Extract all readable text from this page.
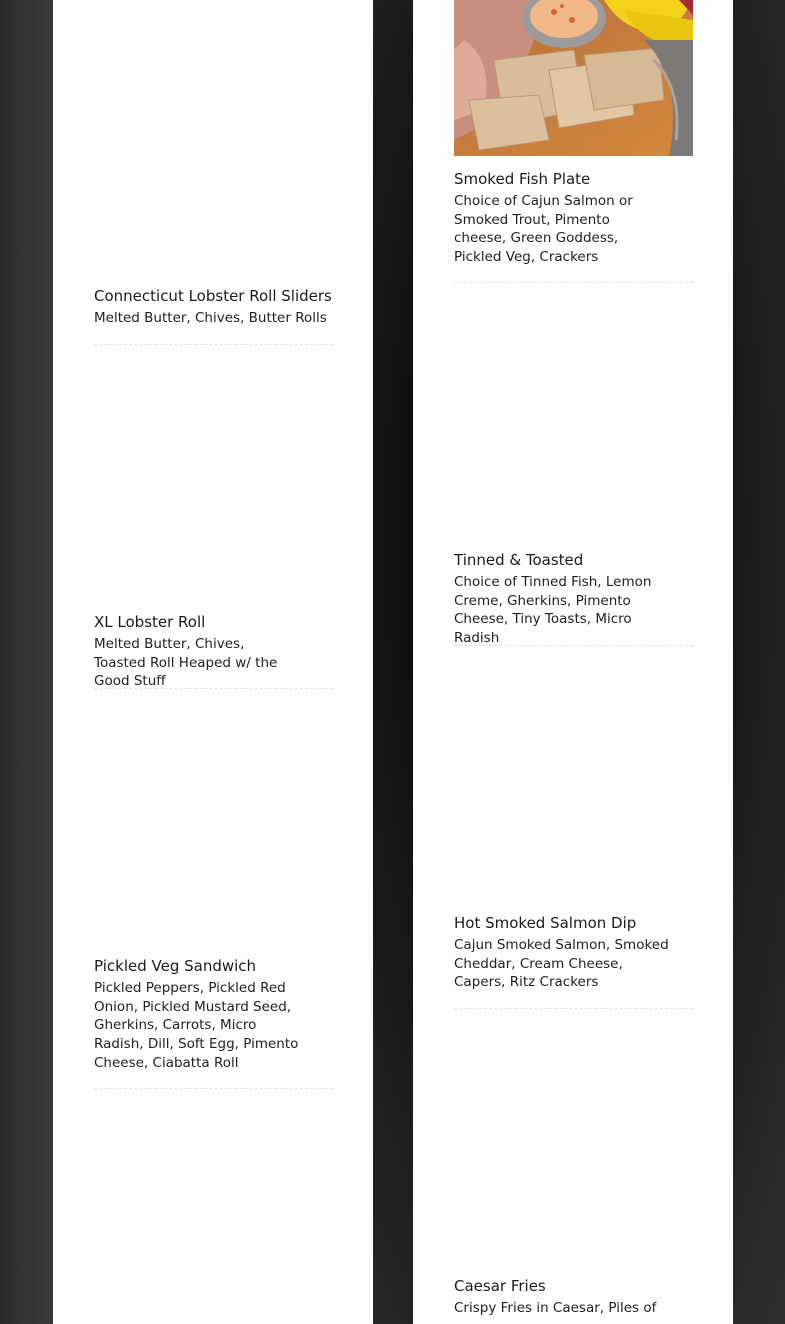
Connecticut Lobster Roll Sliders

Melted Butter, Chives, Butter Rolls

XL Lobster Roll

Melted Butter, Chives, Toasted Roll Heaped w/ the Good Stuff

Pickled Veg Sandwich

Pickled Peppers, Pickled Red Onion, Pickled Mustard Seed, Gherkins, Carrots, Micro Radish, Dill, Soft Egg, Pimento Cheese, Ciabatta Roll

Smoked Fish Plate

Choice of Cajun Salmon or Smoked Trout, Pimento cheese, Green Goddess, Pickled Veg, Crackers

Tinned & Toasted

Choice of Tinned Fish, Lemon Creme, Gherkins, Pimento Cheese, Tiny Toasts, Micro Radish

Hot Smoked Salmon Dip

Cajun Smoked Salmon, Smoked Cheddar, Cream Cheese, Capers, Ritz Crackers

Caesar Fries

Crispy Fries in Caesar, Piles of
